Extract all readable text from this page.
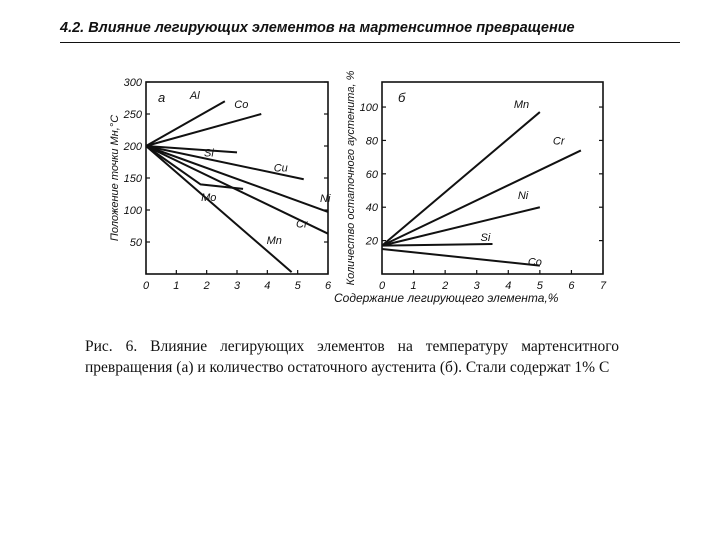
4.2. Влияние легирующих элементов на мартенситное превращение
300
250
200
150
100
50
0 1 2 3 4 5 6
а
Положение точки Mн,°C
Содержание легирующего элемента,%
Al
Co
Si
Cu
Ni
Cr
Mo
Mn
100
80
60
40
20
0 1 2 3 4 5 6 7
б
Количество остаточного аустенита, %	Mn
Cr
Ni
Si
Co
Рис. 6. Влияние легирующих элементов на температуру мартенситного превращения (а) и количество остаточного аустенита (б). Стали содержат 1% С
